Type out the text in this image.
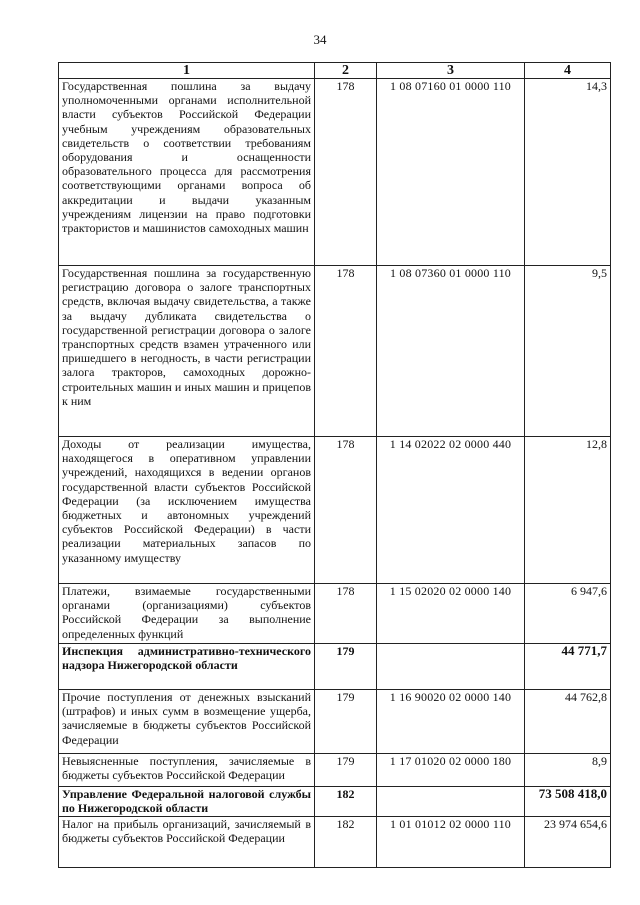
34
1	2	3	4
Государственная пошлина за выдачу уполномоченными органами исполнительной власти субъектов Российской Федерации учебным учреждениям образовательных свидетельств о соответствии требованиям оборудования и оснащенности образовательного процесса для рассмотрения соответствующими органами вопроса об аккредитации и выдачи указанным учреждениям лицензии на право подготовки трактористов и машинистов самоходных машин	178	1 08 07160 01 0000 110	14,3
Государственная пошлина за государственную регистрацию договора о залоге транспортных средств, включая выдачу свидетельства, а также за выдачу дубликата свидетельства о государственной регистрации договора о залоге транспортных средств взамен утраченного или пришедшего в негодность, в части регистрации залога тракторов, самоходных дорожно-строительных машин и иных машин и прицепов к ним	178	1 08 07360 01 0000 110	9,5
Доходы от реализации имущества, находящегося в оперативном управлении учреждений, находящихся в ведении органов государственной власти субъектов Российской Федерации (за исключением имущества бюджетных и автономных учреждений субъектов Российской Федерации) в части реализации материальных запасов по указанному имуществу	178	1 14 02022 02 0000 440	12,8
Платежи, взимаемые государственными органами (организациями) субъектов Российской Федерации за выполнение определенных функций	178	1 15 02020 02 0000 140	6 947,6
Инспекция административно-технического надзора Нижегородской области	179		44 771,7
Прочие поступления от денежных взысканий (штрафов) и иных сумм в возмещение ущерба, зачисляемые в бюджеты субъектов Российской Федерации	179	1 16 90020 02 0000 140	44 762,8
Невыясненные поступления, зачисляемые в бюджеты субъектов Российской Федерации	179	1 17 01020 02 0000 180	8,9
Управление Федеральной налоговой службы по Нижегородской области	182		73 508 418,0
Налог на прибыль организаций, зачисляемый в бюджеты субъектов Российской Федерации	182	1 01 01012 02 0000 110	23 974 654,6
